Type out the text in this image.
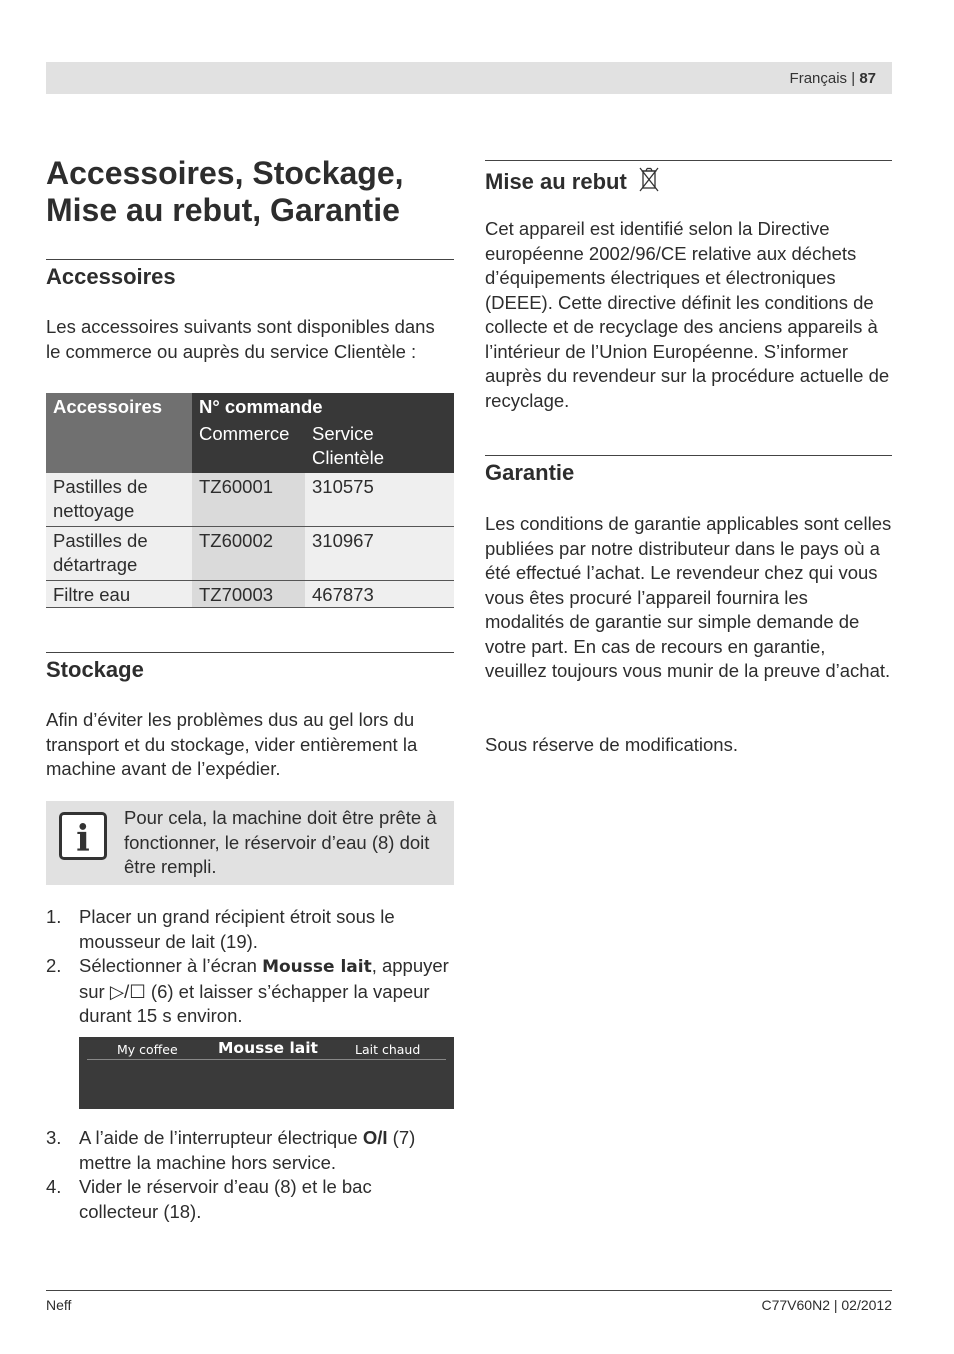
Français | 87
Accessoires, Stockage,
Mise au rebut, Garantie
Accessoires

Les accessoires suivants sont disponibles dans le commerce ou auprès du service Clientèle :

Accessoires	N° commande	
	Commerce	Service Clientèle
Pastilles de nettoyage	TZ60001	310575
Pastilles de détartrage	TZ60002	310967
Filtre eau	TZ70003	467873
Stockage

Afin d’éviter les problèmes dus au gel lors du transport et du stockage, vider entièrement la machine avant de l’expédier.

i
Pour cela, la machine doit être prête à fonctionner, le réservoir d’eau (8) doit être rempli.
1. Placer un grand récipient étroit sous le mousseur de lait (19).
2. Sélectionner à l’écran Mousse lait, appuyer sur ▷/☐ (6) et laisser s’échapper la vapeur durant 15 s environ.
My coffee	Mousse lait	Lait chaud
3. A l’aide de l’interrupteur électrique O/I (7) mettre la machine hors service.
4. Vider le réservoir d’eau (8) et le bac collecteur (18).
Mise au rebut

Cet appareil est identifié selon la Directive européenne 2002/96/CE relative aux déchets d’équipements électriques et électroniques (DEEE). Cette directive définit les conditions de collecte et de recyclage des anciens appareils à l’intérieur de l’Union Européenne. S’informer auprès du revendeur sur la procédure actuelle de recyclage.

Garantie

Les conditions de garantie applicables sont celles publiées par notre distributeur dans le pays où a été effectué l’achat. Le revendeur chez qui vous vous êtes procuré l’appareil fournira les modalités de garantie sur simple demande de votre part. En cas de recours en garantie, veuillez toujours vous munir de la preuve d’achat.

Sous réserve de modifications.

Neff	C77V60N2 | 02/2012
